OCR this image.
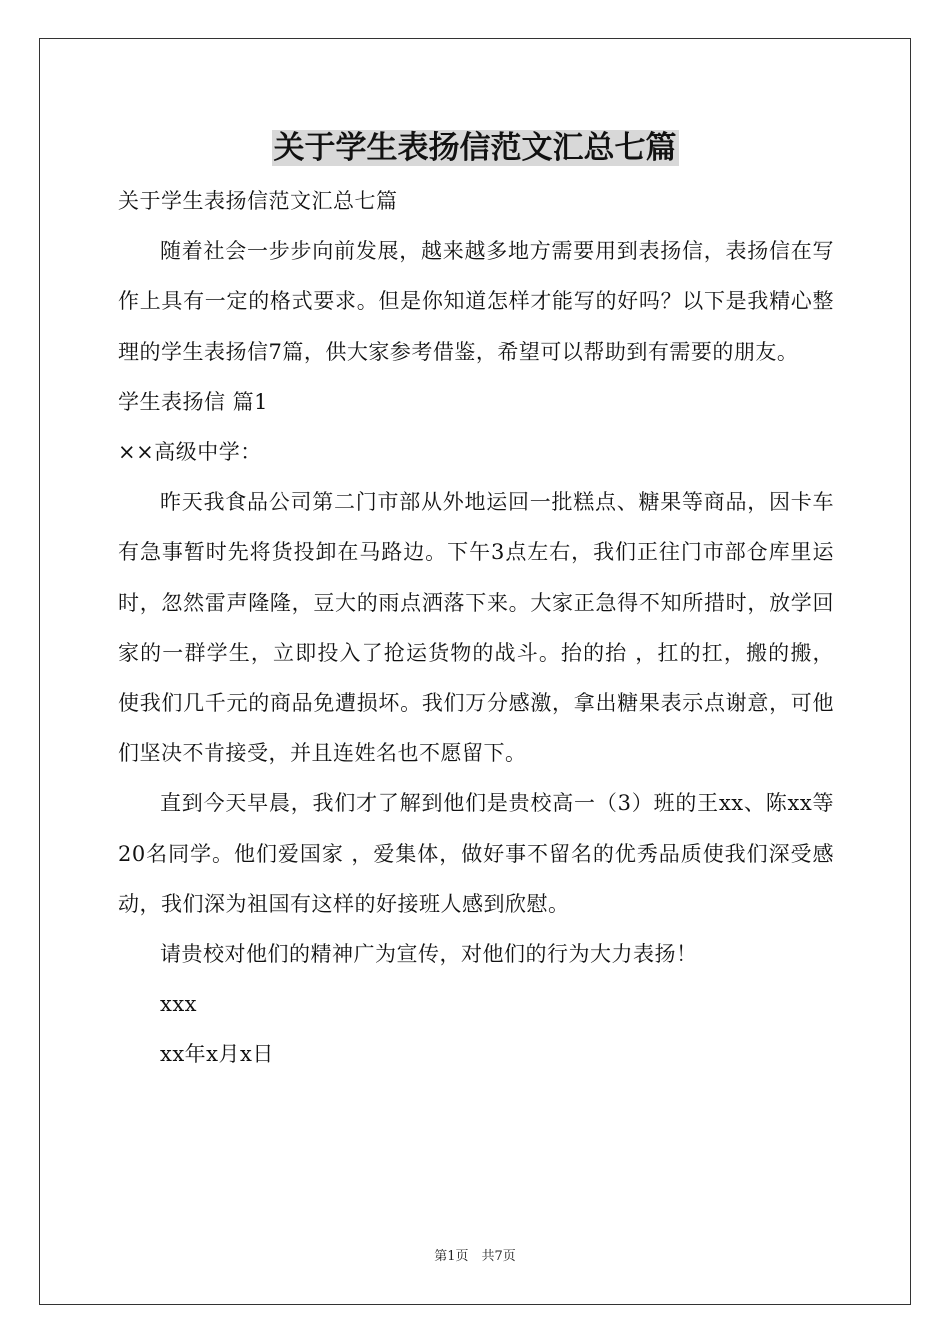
关于学生表扬信范文汇总七篇

关于学生表扬信范文汇总七篇

随着社会一步步向前发展，越来越多地方需要用到表扬信，表扬信在写作上具有一定的格式要求。但是你知道怎样才能写的好吗？以下是我精心整理的学生表扬信7篇，供大家参考借鉴，希望可以帮助到有需要的朋友。

学生表扬信 篇1

××高级中学：

昨天我食品公司第二门市部从外地运回一批糕点、糖果等商品，因卡车有急事暂时先将货投卸在马路边。下午3点左右，我们正往门市部仓库里运时，忽然雷声隆隆，豆大的雨点洒落下来。大家正急得不知所措时，放学回家的一群学生，立即投入了抢运货物的战斗。抬的抬 ，扛的扛，搬的搬，使我们几千元的商品免遭损坏。我们万分感激，拿出糖果表示点谢意，可他们坚决不肯接受，并且连姓名也不愿留下。

直到今天早晨，我们才了解到他们是贵校高一（3）班的王xx、陈xx等20名同学。他们爱国家 ，爱集体，做好事不留名的优秀品质使我们深受感动，我们深为祖国有这样的好接班人感到欣慰。

请贵校对他们的精神广为宣传，对他们的行为大力表扬！

xxx

xx年x月x日

第1页　共7页
